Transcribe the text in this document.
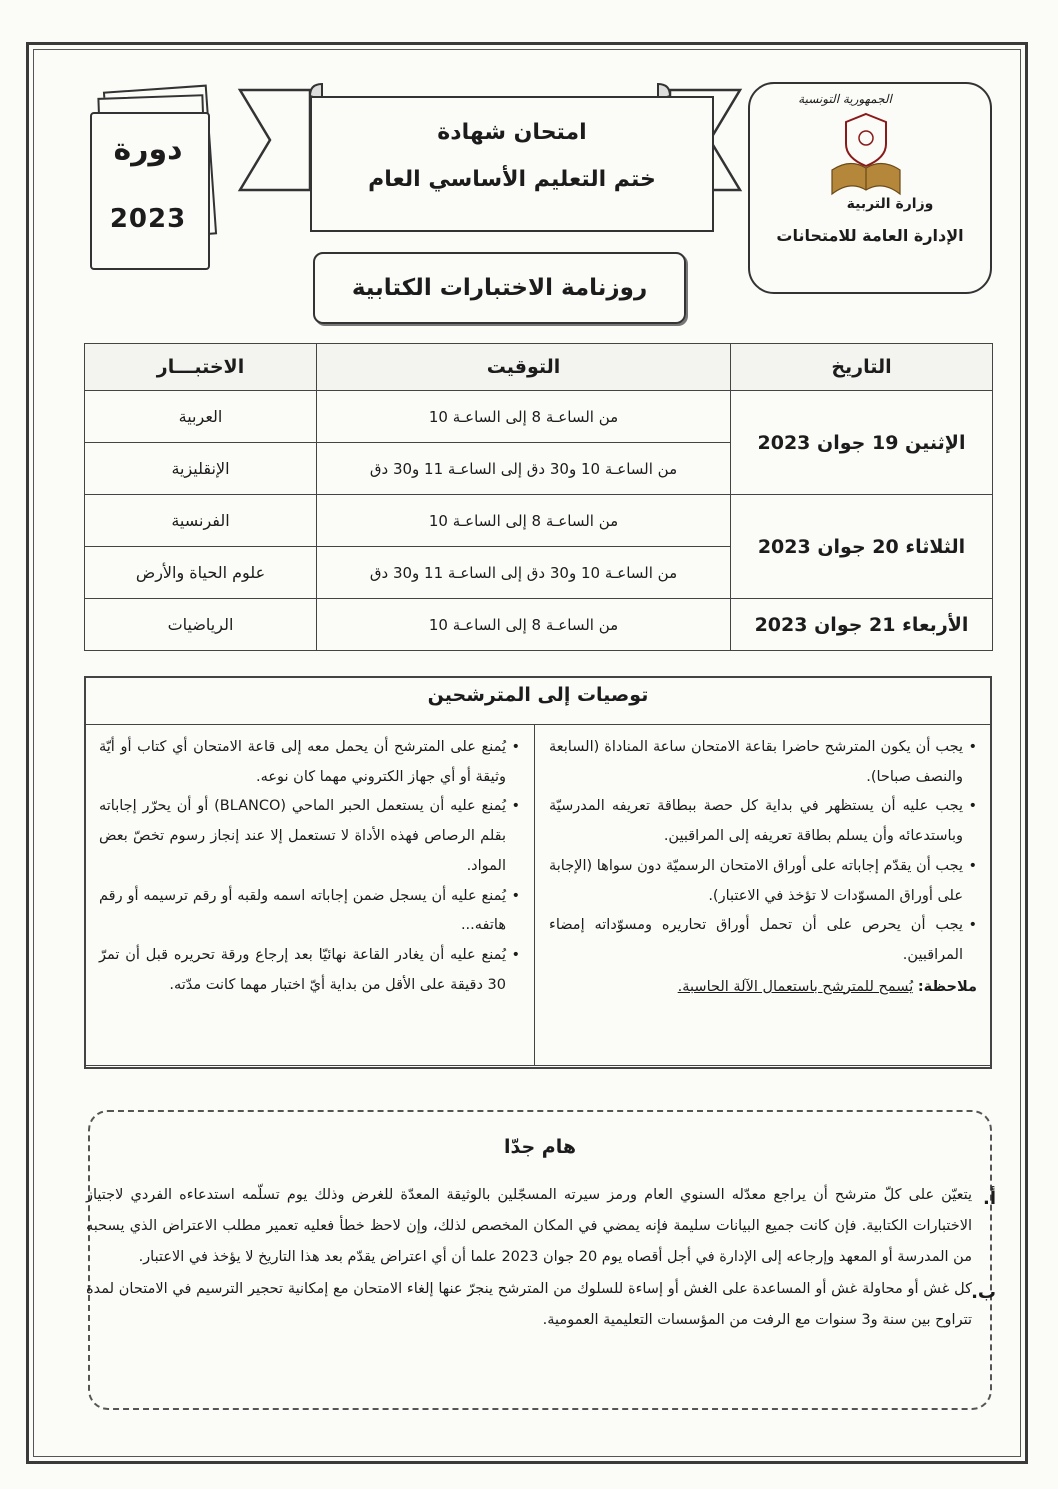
دورة
2023
امتحان شهادة
ختم التعليم الأساسي العام
روزنامة الاختبارات الكتابية
الجمهورية التونسية
وزارة التربية
الإدارة العامة للامتحانات
التاريخ	التوقيت	الاختبـــار
الإثنين 19 جوان 2023	من الساعـة 8 إلى الساعـة 10	العربية
	من الساعـة 10 و30 دق إلى الساعـة 11 و30 دق	الإنقليزية
الثلاثاء 20 جوان 2023	من الساعـة 8 إلى الساعـة 10	الفرنسية
	من الساعـة 10 و30 دق إلى الساعـة 11 و30 دق	علوم الحياة والأرض
الأربعاء 21 جوان 2023	من الساعـة 8 إلى الساعـة 10	الرياضيات
توصيات إلى المترشحين
• يجب أن يكون المترشح حاضرا بقاعة الامتحان ساعة المناداة (السابعة والنصف صباحا).
• يجب عليه أن يستظهر في بداية كل حصة ببطاقة تعريفه المدرسيّة وباستدعائه وأن يسلم بطاقة تعريفه إلى المراقبين.
• يجب أن يقدّم إجاباته على أوراق الامتحان الرسميّة دون سواها (الإجابة على أوراق المسوّدات لا تؤخذ في الاعتبار).
• يجب أن يحرص على أن تحمل أوراق تحاريره ومسوّداته إمضاء المراقبين.
ملاحظة: يُسمح للمترشح باستعمال الآلة الحاسبة.
• يُمنع على المترشح أن يحمل معه إلى قاعة الامتحان أي كتاب أو أيّة وثيقة أو أي جهاز الكتروني مهما كان نوعه.
• يُمنع عليه أن يستعمل الحبر الماحي (BLANCO) أو أن يحرّر إجاباته بقلم الرصاص فهذه الأداة لا تستعمل إلا عند إنجاز رسوم تخصّ بعض المواد.
• يُمنع عليه أن يسجل ضمن إجاباته اسمه ولقبه أو رقم ترسيمه أو رقم هاتفه...
• يُمنع عليه أن يغادر القاعة نهائيّا بعد إرجاع ورقة تحريره قبل أن تمرّ 30 دقيقة على الأقل من بداية أيّ اختبار مهما كانت مدّته.
هام جدّا

أ.
يتعيّن على كلّ مترشح أن يراجع معدّله السنوي العام ورمز سيرته المسجّلين بالوثيقة المعدّة للغرض وذلك يوم تسلّمه استدعاءه الفردي لاجتياز الاختبارات الكتابية. فإن كانت جميع البيانات سليمة فإنه يمضي في المكان المخصص لذلك، وإن لاحظ خطأ فعليه تعمير مطلب الاعتراض الذي يسحبه من المدرسة أو المعهد وإرجاعه إلى الإدارة في أجل أقصاه يوم 20 جوان 2023 علما أن أي اعتراض يقدّم بعد هذا التاريخ لا يؤخذ في الاعتبار.

ب.
كل غش أو محاولة غش أو المساعدة على الغش أو إساءة للسلوك من المترشح ينجرّ عنها إلغاء الامتحان مع إمكانية تحجير الترسيم في الامتحان لمدة تتراوح بين سنة و3 سنوات مع الرفت من المؤسسات التعليمية العمومية.
